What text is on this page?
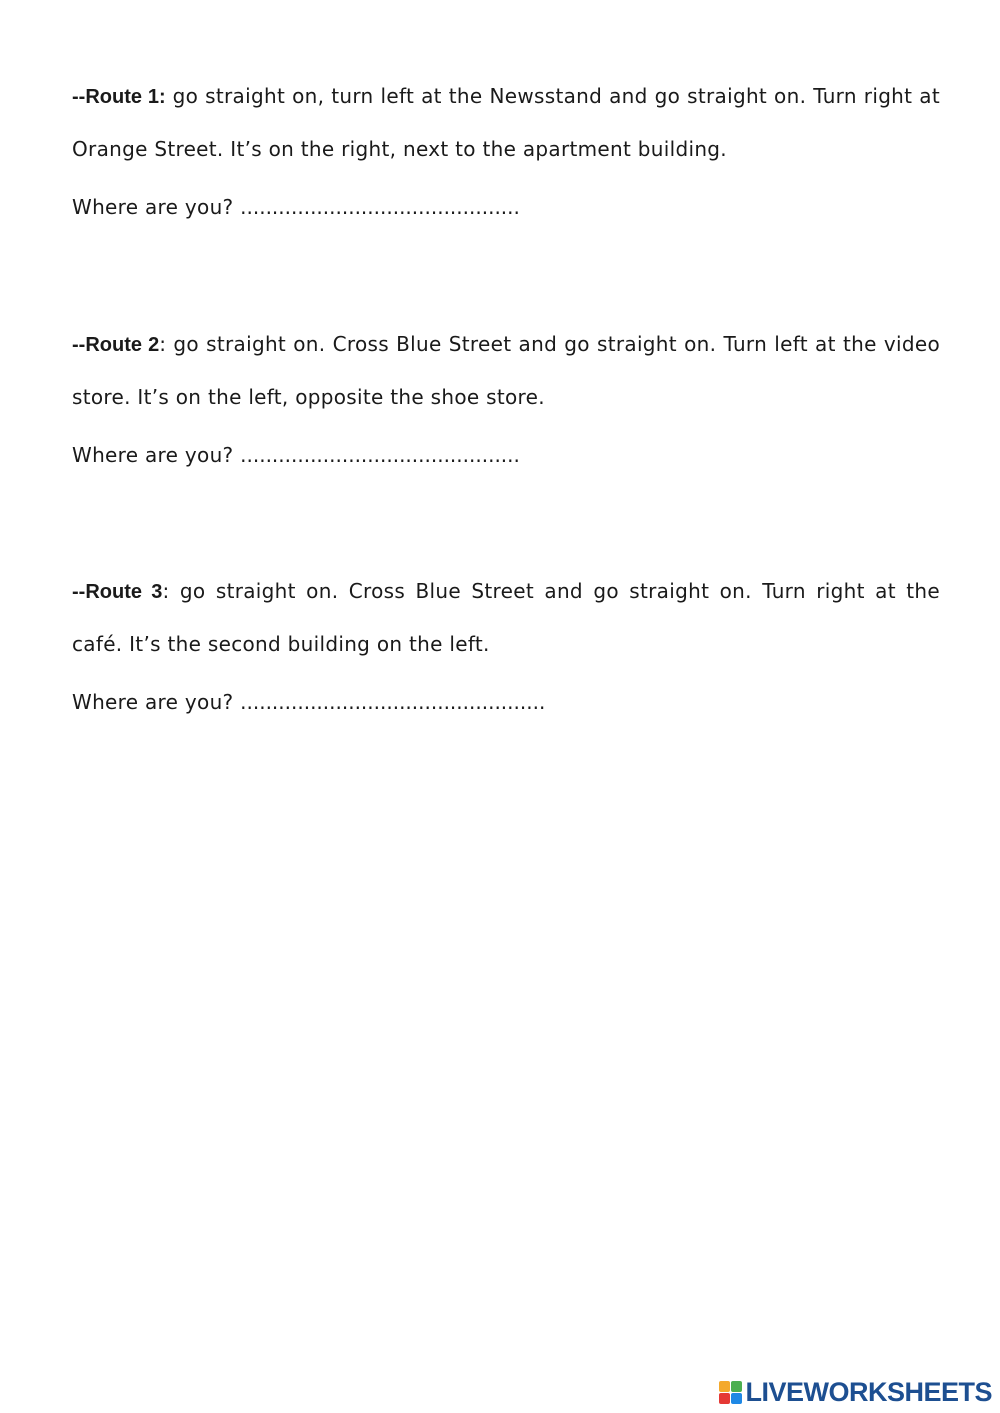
--Route 1: go straight on, turn left at the Newsstand and go straight on. Turn right at Orange Street. It’s on the right, next to the apartment building.

Where are you? ............................................

--Route 2: go straight on. Cross Blue Street and go straight on. Turn left at the video store. It’s on the left, opposite the shoe store.

Where are you? ............................................

--Route 3: go straight on. Cross Blue Street and go straight on. Turn right at the café. It’s the second building on the left.

Where are you? ................................................

LIVEWORKSHEETS
